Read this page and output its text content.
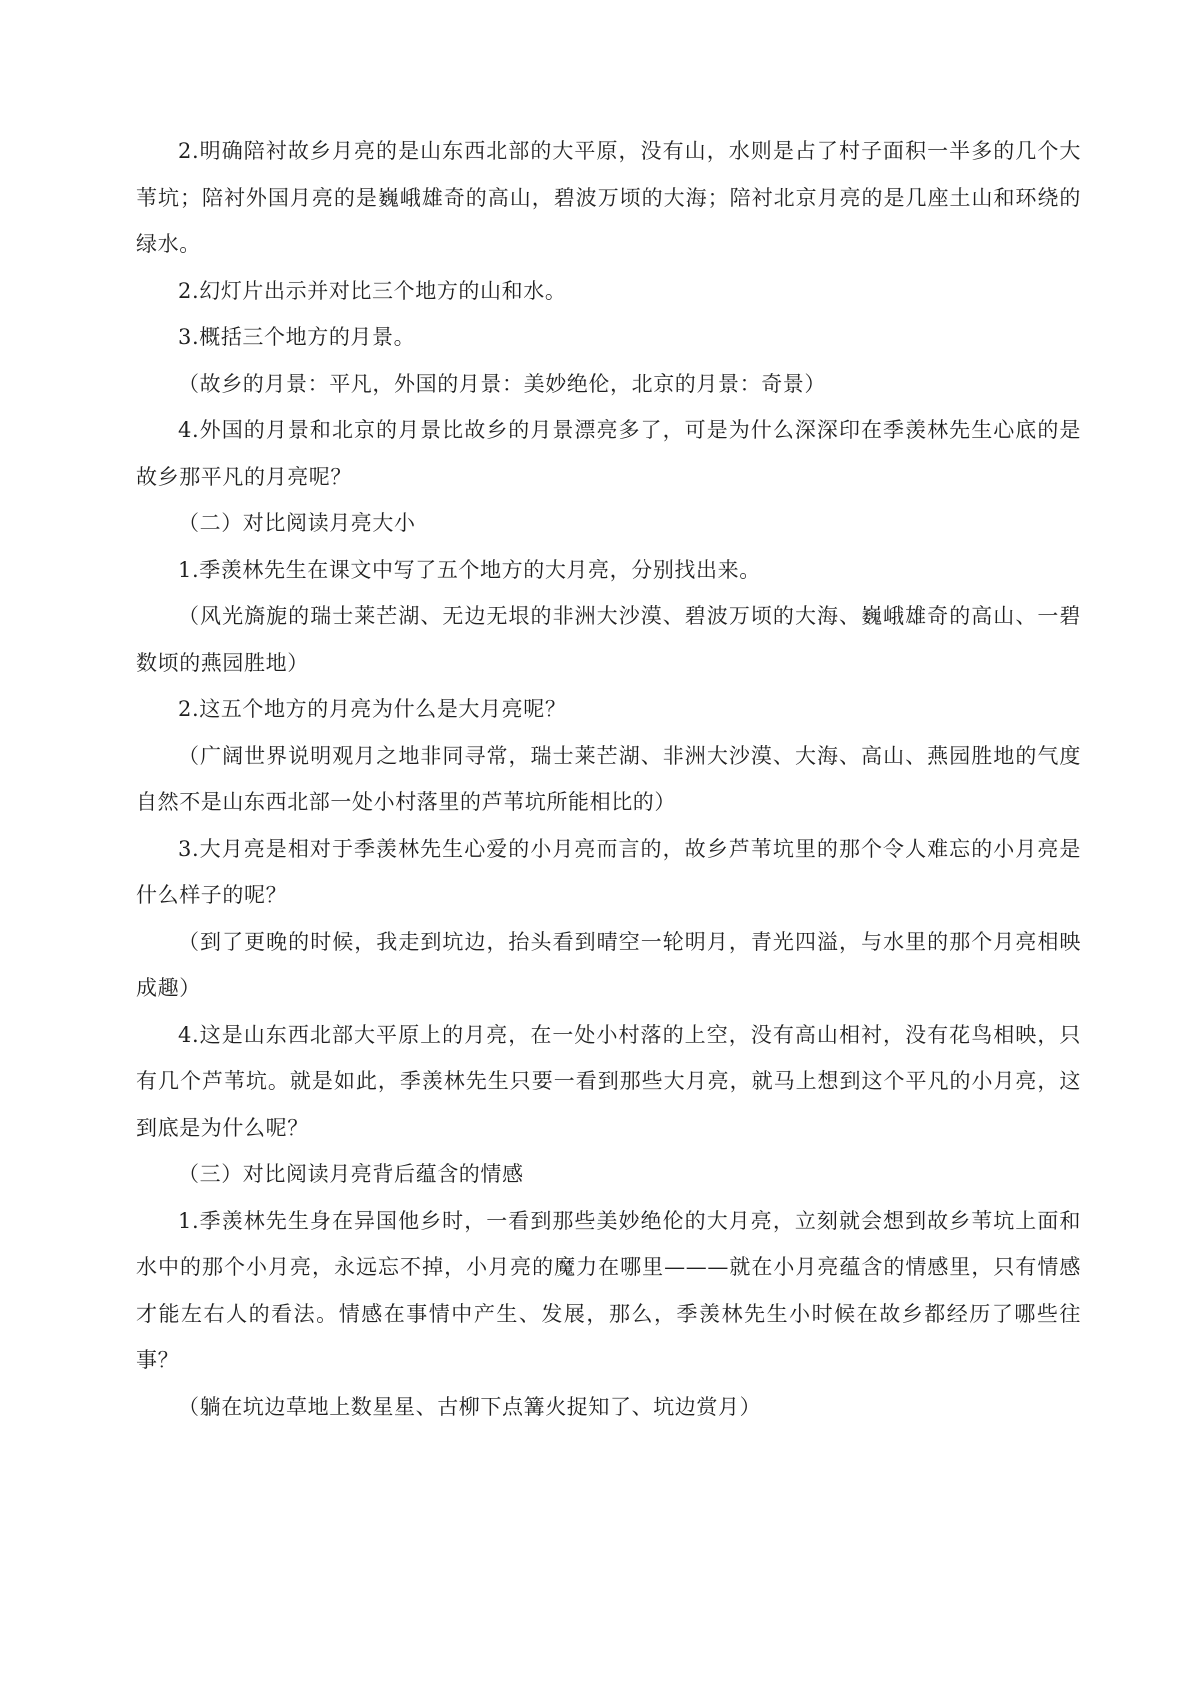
2.明确陪衬故乡月亮的是山东西北部的大平原，没有山，水则是占了村子面积一半多的几个大苇坑；陪衬外国月亮的是巍峨雄奇的高山，碧波万顷的大海；陪衬北京月亮的是几座土山和环绕的绿水。

2.幻灯片出示并对比三个地方的山和水。

3.概括三个地方的月景。

（故乡的月景：平凡，外国的月景：美妙绝伦，北京的月景：奇景）

4.外国的月景和北京的月景比故乡的月景漂亮多了，可是为什么深深印在季羡林先生心底的是故乡那平凡的月亮呢？

（二）对比阅读月亮大小

1.季羡林先生在课文中写了五个地方的大月亮，分别找出来。

（风光旖旎的瑞士莱芒湖、无边无垠的非洲大沙漠、碧波万顷的大海、巍峨雄奇的高山、一碧数顷的燕园胜地）

2.这五个地方的月亮为什么是大月亮呢？

（广阔世界说明观月之地非同寻常，瑞士莱芒湖、非洲大沙漠、大海、高山、燕园胜地的气度自然不是山东西北部一处小村落里的芦苇坑所能相比的）

3.大月亮是相对于季羡林先生心爱的小月亮而言的，故乡芦苇坑里的那个令人难忘的小月亮是什么样子的呢？

（到了更晚的时候，我走到坑边，抬头看到晴空一轮明月，青光四溢，与水里的那个月亮相映成趣）

4.这是山东西北部大平原上的月亮，在一处小村落的上空，没有高山相衬，没有花鸟相映，只有几个芦苇坑。就是如此，季羡林先生只要一看到那些大月亮，就马上想到这个平凡的小月亮，这到底是为什么呢？

（三）对比阅读月亮背后蕴含的情感

1.季羡林先生身在异国他乡时，一看到那些美妙绝伦的大月亮，立刻就会想到故乡苇坑上面和水中的那个小月亮，永远忘不掉，小月亮的魔力在哪里———就在小月亮蕴含的情感里，只有情感才能左右人的看法。情感在事情中产生、发展，那么，季羡林先生小时候在故乡都经历了哪些往事？

（躺在坑边草地上数星星、古柳下点篝火捉知了、坑边赏月）
